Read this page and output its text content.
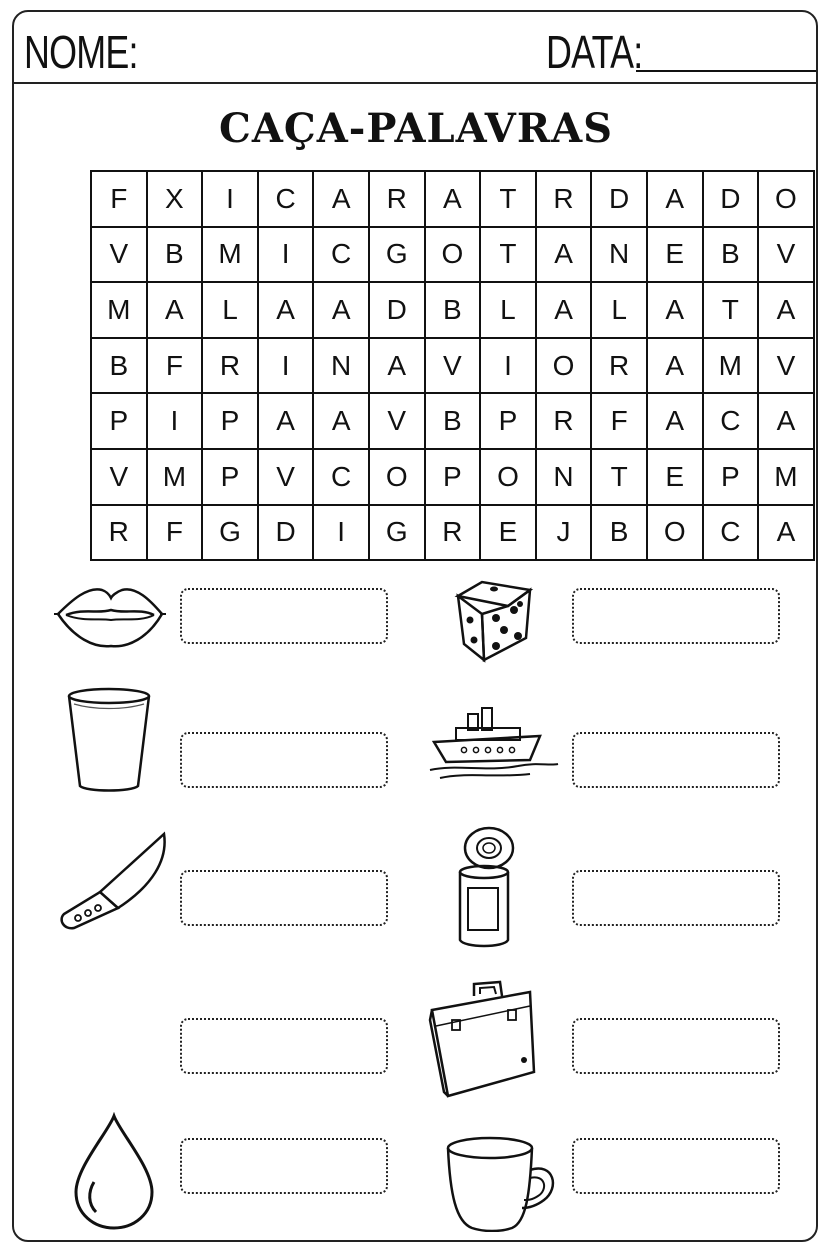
NOME:	DATA:
CAÇA-PALAVRAS
F	X	I	C	A	R	A	T	R	D	A	D	O
V	B	M	I	C	G	O	T	A	N	E	B	V
M	A	L	A	A	D	B	L	A	L	A	T	A
B	F	R	I	N	A	V	I	O	R	A	M	V
P	I	P	A	A	V	B	P	R	F	A	C	A
V	M	P	V	C	O	P	O	N	T	E	P	M
R	F	G	D	I	G	R	E	J	B	O	C	A
